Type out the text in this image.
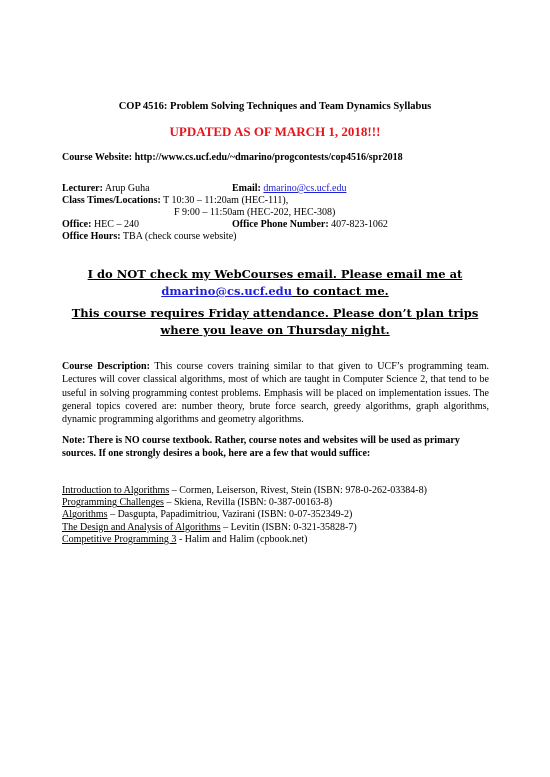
COP 4516: Problem Solving Techniques and Team Dynamics Syllabus
UPDATED AS OF MARCH 1, 2018!!!
Course Website: http://www.cs.ucf.edu/~dmarino/progcontests/cop4516/spr2018
Lecturer: Arup Guha	Email: dmarino@cs.ucf.edu
Class Times/Locations: T 10:30 – 11:20am (HEC-111),
F 9:00 – 11:50am (HEC-202, HEC-308)
Office: HEC – 240	Office Phone Number: 407-823-1062
Office Hours: TBA (check course website)
I do NOT check my WebCourses email. Please email me at
dmarino@cs.ucf.edu to contact me.
This course requires Friday attendance. Please don’t plan trips
where you leave on Thursday night.
Course Description: This course covers training similar to that given to UCF’s programming team. Lectures will cover classical algorithms, most of which are taught in Computer Science 2, that tend to be useful in solving programming contest problems. Emphasis will be placed on implementation issues. The general topics covered are: number theory, brute force search, greedy algorithms, graph algorithms, dynamic programming algorithms and geometry algorithms.
Note: There is NO course textbook. Rather, course notes and websites will be used as primary sources. If one strongly desires a book, here are a few that would suffice:
Introduction to Algorithms – Cormen, Leiserson, Rivest, Stein (ISBN: 978-0-262-03384-8)
Programming Challenges – Skiena, Revilla (ISBN: 0-387-00163-8)
Algorithms – Dasgupta, Papadimitriou, Vazirani (ISBN: 0-07-352349-2)
The Design and Analysis of Algorithms – Levitin (ISBN: 0-321-35828-7)
Competitive Programming 3 - Halim and Halim (cpbook.net)
